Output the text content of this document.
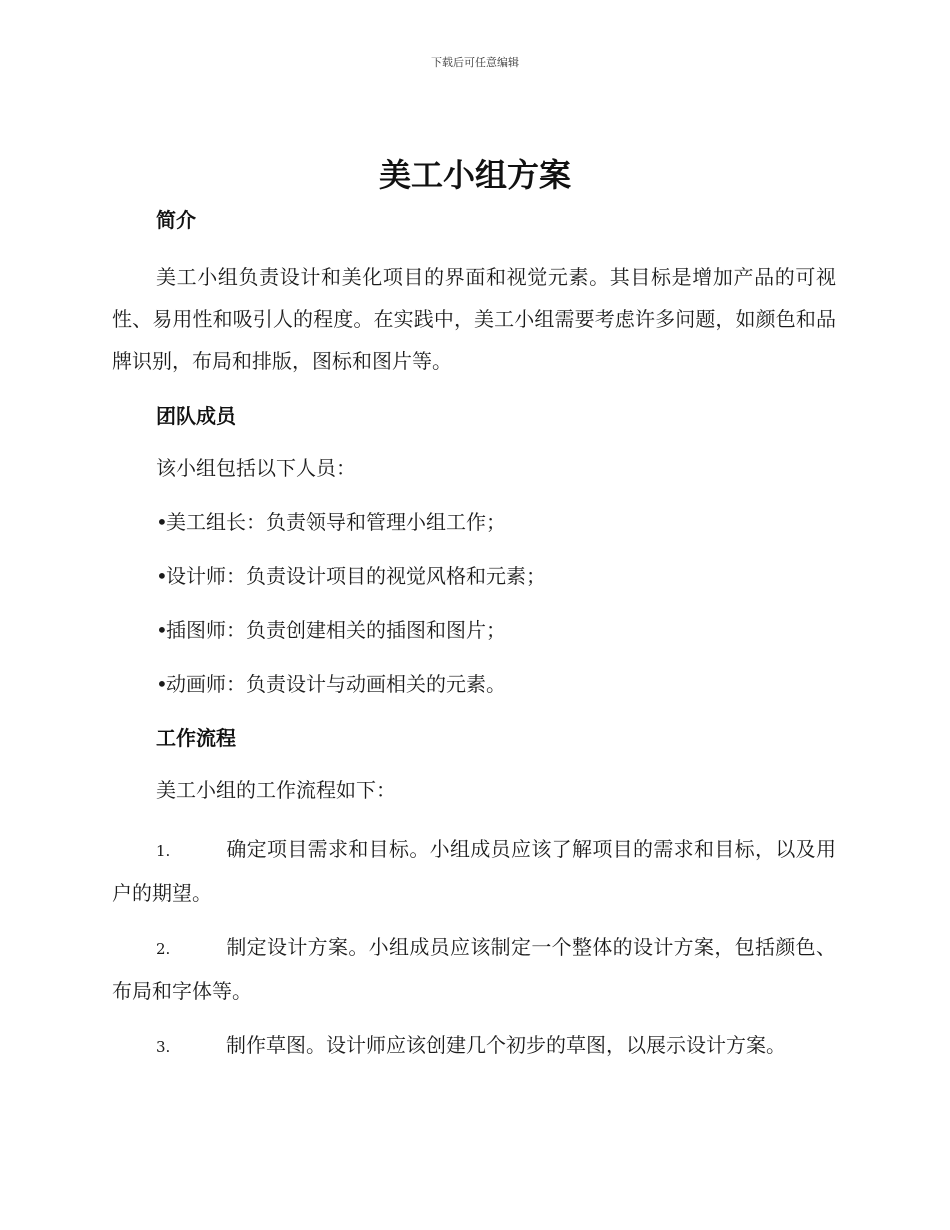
下载后可任意编辑
美工小组方案
简介

美工小组负责设计和美化项目的界面和视觉元素。其目标是增加产品的可视性、易用性和吸引人的程度。在实践中，美工小组需要考虑许多问题，如颜色和品牌识别，布局和排版，图标和图片等。

团队成员
该小组包括以下人员：
•美工组长：负责领导和管理小组工作；
•设计师：负责设计项目的视觉风格和元素；
•插图师：负责创建相关的插图和图片；
•动画师：负责设计与动画相关的元素。
工作流程
美工小组的工作流程如下：

1.	确定项目需求和目标。小组成员应该了解项目的需求和目标，以及用户的期望。

2.	制定设计方案。小组成员应该制定一个整体的设计方案，包括颜色、布局和字体等。

3.	制作草图。设计师应该创建几个初步的草图，以展示设计方案。
